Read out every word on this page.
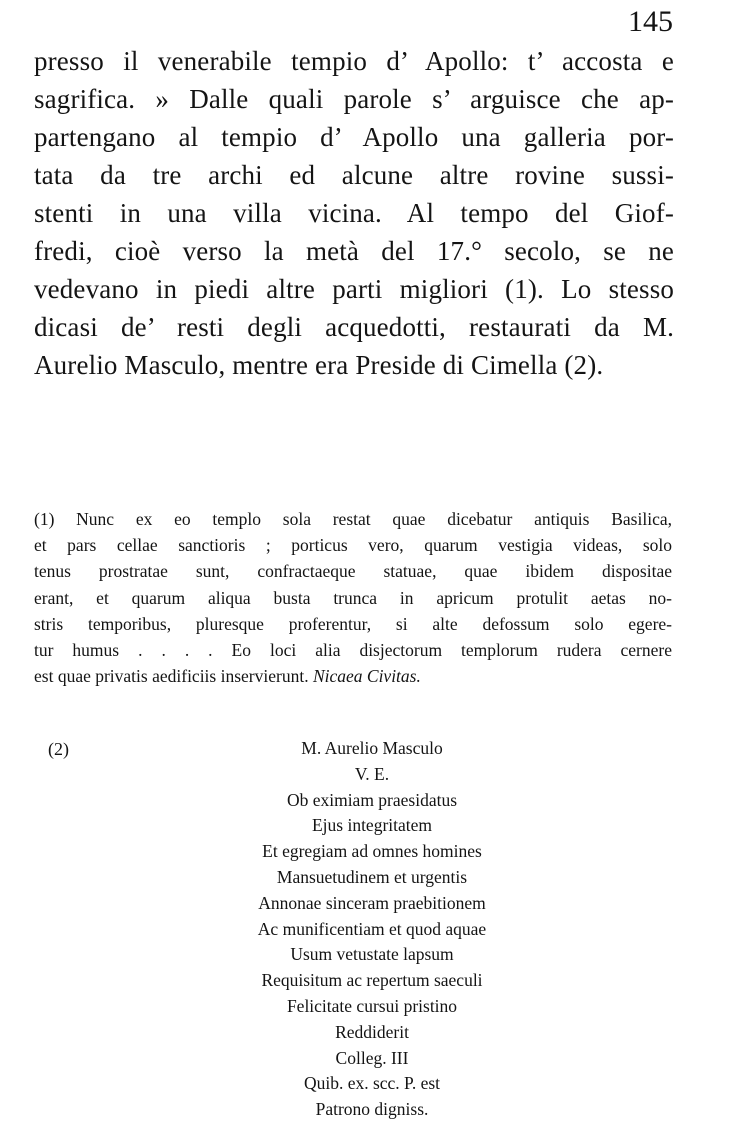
145
presso il venerabile tempio d’ Apollo: t’ accosta e
sagrifica. » Dalle quali parole s’ arguisce che ap-
partengano al tempio d’ Apollo una galleria por-
tata da tre archi ed alcune altre rovine sussi-
stenti in una villa vicina. Al tempo del Giof-
fredi, cioè verso la metà del 17.° secolo, se ne
vedevano in piedi altre parti migliori (1). Lo stesso
dicasi de’ resti degli acquedotti, restaurati da M.
Aurelio Masculo, mentre era Preside di Cimella (2).
(1) Nunc ex eo templo sola restat quae dicebatur antiquis Basilica,
et pars cellae sanctioris ; porticus vero, quarum vestigia videas, solo
tenus prostratae sunt, confractaeque statuae, quae ibidem dispositae
erant, et quarum aliqua busta trunca in apricum protulit aetas no-
stris temporibus, pluresque proferentur, si alte defossum solo egere-
tur humus . . . . Eo loci alia disjectorum templorum rudera cernere
est quae privatis aedificiis inservierunt. Nicaea Civitas.
(2)	M. Aurelio Masculo
V. E.
Ob eximiam praesidatus
Ejus integritatem
Et egregiam ad omnes homines
Mansuetudinem et urgentis
Annonae sinceram praebitionem
Ac munificentiam et quod aquae
Usum vetustate lapsum
Requisitum ac repertum saeculi
Felicitate cursui pristino
Reddiderit
Colleg. III
Quib. ex. scc. P. est
Patrono digniss.
